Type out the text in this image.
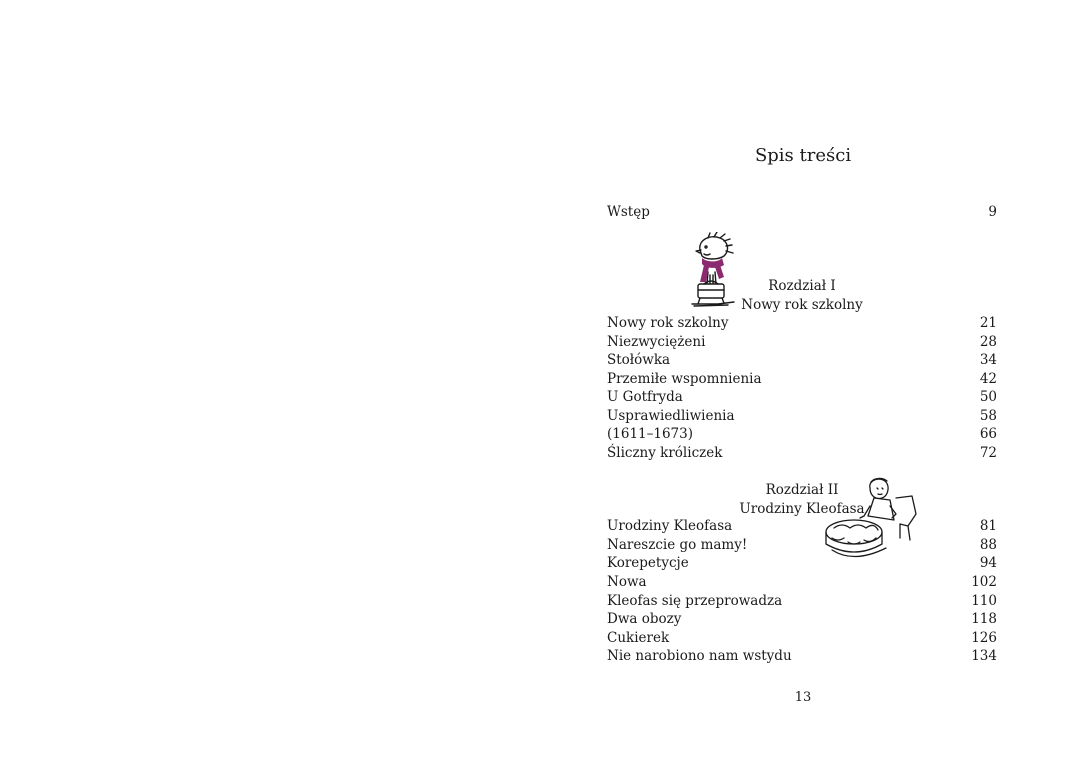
Spis treści
Wstęp	9
Rozdział I
Nowy rok szkolny
Nowy rok szkolny	21
Niezwyciężeni	28
Stołówka	34
Przemiłe wspomnienia	42
U Gotfryda	50
Usprawiedliwienia	58
(1611–1673)	66
Śliczny króliczek	72
Rozdział II
Urodziny Kleofasa
Urodziny Kleofasa	81
Nareszcie go mamy!	88
Korepetycje	94
Nowa	102
Kleofas się przeprowadza	110
Dwa obozy	118
Cukierek	126
Nie narobiono nam wstydu	134
13
